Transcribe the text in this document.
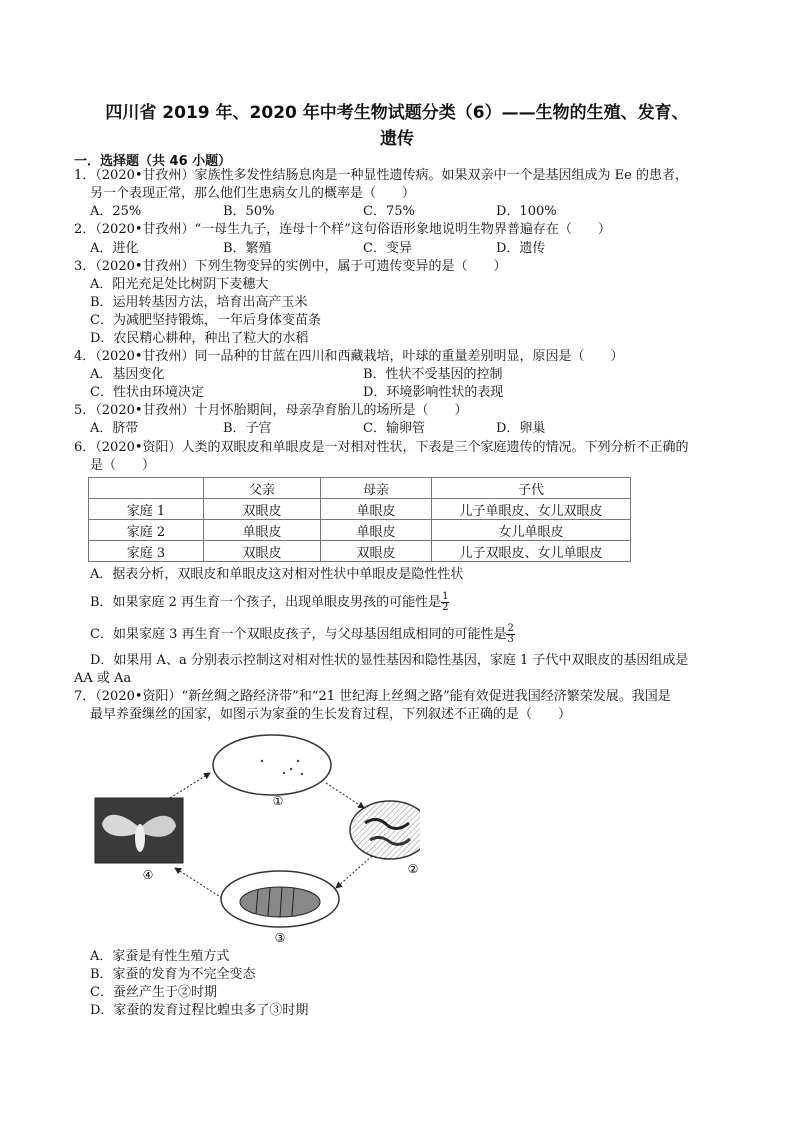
四川省 2019 年、2020 年中考生物试题分类（6）——生物的生殖、发育、
遗传
一．选择题（共 46 小题）
1．（2020•甘孜州）家族性多发性结肠息肉是一种显性遗传病。如果双亲中一个是基因组成为 Ee 的患者，
另一个表现正常，那么他们生患病女儿的概率是（　　）
A．25%	B．50%	C．75%	D．100%
2．（2020•甘孜州）“一母生九子，连母十个样”这句俗语形象地说明生物界普遍存在（　　）
A．进化	B．繁殖	C．变异	D．遗传
3．（2020•甘孜州）下列生物变异的实例中，属于可遗传变异的是（　　）
A．阳光充足处比树阴下麦穗大
B．运用转基因方法，培育出高产玉米
C．为减肥坚持锻炼，一年后身体变苗条
D．农民精心耕种，种出了粒大的水稻
4．（2020•甘孜州）同一品种的甘蓝在四川和西藏栽培，叶球的重量差别明显，原因是（　　）
A．基因变化	B．性状不受基因的控制
C．性状由环境决定	D．环境影响性状的表现
5．（2020•甘孜州）十月怀胎期间，母亲孕育胎儿的场所是（　　）
A．脐带	B．子宫	C．输卵管	D．卵巢
6．（2020•资阳）人类的双眼皮和单眼皮是一对相对性状，下表是三个家庭遗传的情况。下列分析不正确的
是（　　）
	父亲	母亲	子代
家庭 1	双眼皮	单眼皮	儿子单眼皮、女儿双眼皮
家庭 2	单眼皮	单眼皮	女儿单眼皮
家庭 3	双眼皮	双眼皮	儿子双眼皮、女儿单眼皮
A．据表分析，双眼皮和单眼皮这对相对性状中单眼皮是隐性性状
B．如果家庭 2 再生育一个孩子，出现单眼皮男孩的可能性是 $\frac{1}{2}$
C．如果家庭 3 再生育一个双眼皮孩子，与父母基因组成相同的可能性是 $\frac{2}{3}$
D．如果用 A、a 分别表示控制这对相对性状的显性基因和隐性基因，家庭 1 子代中双眼皮的基因组成是
AA 或 Aa
7．（2020•资阳）“新丝绸之路经济带”和“21 世纪海上丝绸之路”能有效促进我国经济繁荣发展。我国是
最早养蚕缫丝的国家，如图示为家蚕的生长发育过程，下列叙述不正确的是（　　）
①
②
③
④
A．家蚕是有性生殖方式
B．家蚕的发育为不完全变态
C．蚕丝产生于②时期
D．家蚕的发育过程比蝗虫多了③时期
